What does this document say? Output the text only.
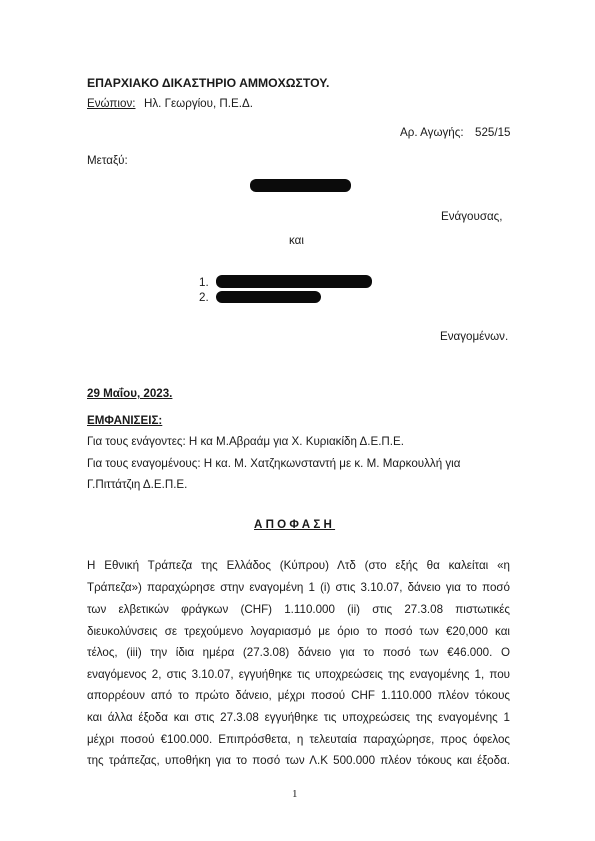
ΕΠΑΡΧΙΑΚΟ ΔΙΚΑΣΤΗΡΙΟ ΑΜΜΟΧΩΣΤΟΥ.
Ενώπιον: Ηλ. Γεωργίου, Π.Ε.Δ.
Αρ. Αγωγής: 525/15
Μεταξύ:
Ενάγουσας,
και
1.
2.
Εναγομένων.
29 Μαΐου, 2023.
ΕΜΦΑΝΙΣΕΙΣ:
Για τους ενάγοντες: Η κα Μ.Αβραάμ για Χ. Κυριακίδη Δ.Ε.Π.Ε.
Για τους εναγομένους: Η κα. Μ. Χατζηκωνσταντή με κ. Μ. Μαρκουλλή για
Γ.Πιττάτζιη Δ.Ε.Π.Ε.
ΑΠΟΦΑΣΗ
Η Εθνική Τράπεζα της Ελλάδος (Κύπρου) Λτδ (στο εξής θα καλείται «η
Τράπεζα») παραχώρησε στην εναγομένη 1 (i) στις 3.10.07, δάνειο για το ποσό
των ελβετικών φράγκων (CHF) 1.110.000 (ii) στις 27.3.08 πιστωτικές
διευκολύνσεις σε τρεχούμενο λογαριασμό με όριο το ποσό των €20,000 και
τέλος, (iii) την ίδια ημέρα (27.3.08) δάνειο για το ποσό των €46.000. Ο
εναγόμενος 2, στις 3.10.07, εγγυήθηκε τις υποχρεώσεις της εναγομένης 1, που
απορρέουν από το πρώτο δάνειο, μέχρι ποσού CHF 1.110.000 πλέον τόκους
και άλλα έξοδα και στις 27.3.08 εγγυήθηκε τις υποχρεώσεις της εναγομένης 1
μέχρι ποσού €100.000. Επιπρόσθετα, η τελευταία παραχώρησε, προς όφελος
της τράπεζας, υποθήκη για το ποσό των Λ.Κ 500.000 πλέον τόκους και έξοδα.
1
